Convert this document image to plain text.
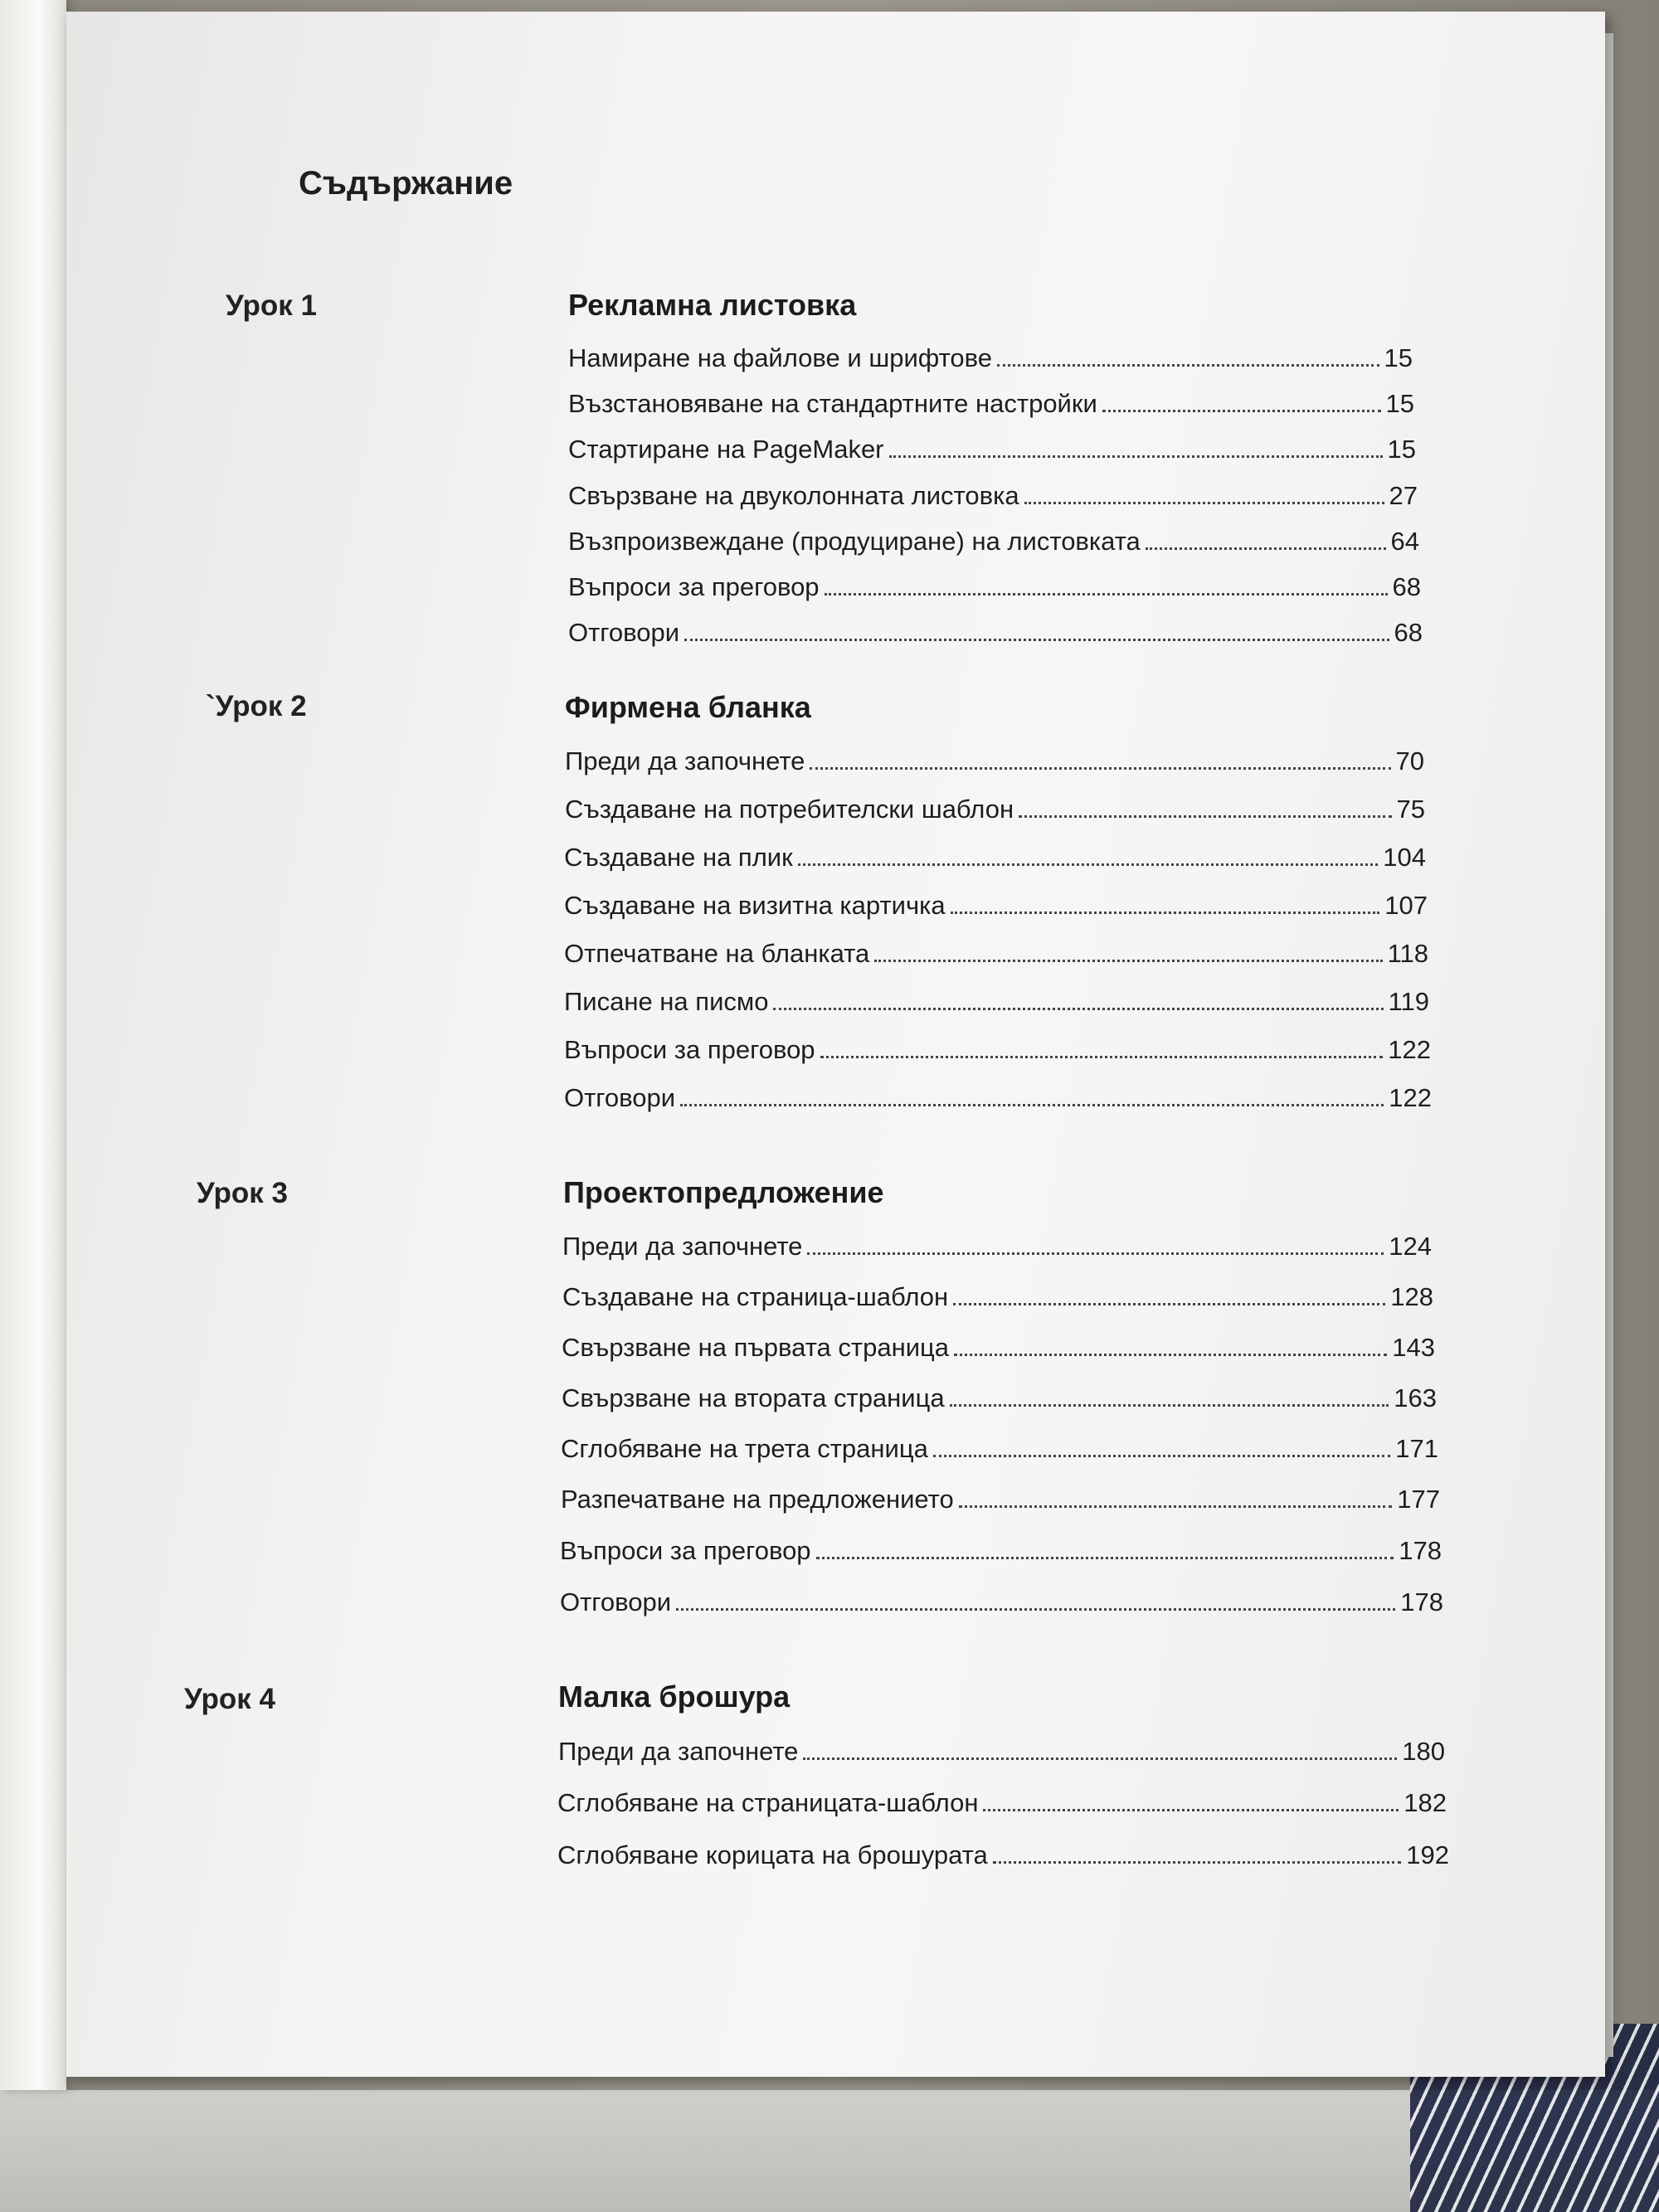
Съдържание
Урок 1	Рекламна листовка
Намиране на файлове и шрифтове	15
Възстановяване на стандартните настройки	15
Стартиране на PageMaker	15
Свързване на двуколонната листовка	27
Възпроизвеждане (продуциране) на листовката	64
Въпроси за преговор	68
Отговори	68
`Урок 2	Фирмена бланка
Преди да започнете	70
Създаване на потребителски шаблон	75
Създаване на плик	104
Създаване на визитна картичка	107
Отпечатване на бланката	118
Писане на писмо	119
Въпроси за преговор	122
Отговори	122
Урок 3	Проектопредложение
Преди да започнете	124
Създаване на страница-шаблон	128
Свързване на първата страница	143
Свързване на втората страница	163
Сглобяване на трета страница	171
Разпечатване на предложението	177
Въпроси за преговор	178
Отговори	178
Урок 4	Малка брошура
Преди да започнете	180
Сглобяване на страницата-шаблон	182
Сглобяване корицата на брошурата	192
